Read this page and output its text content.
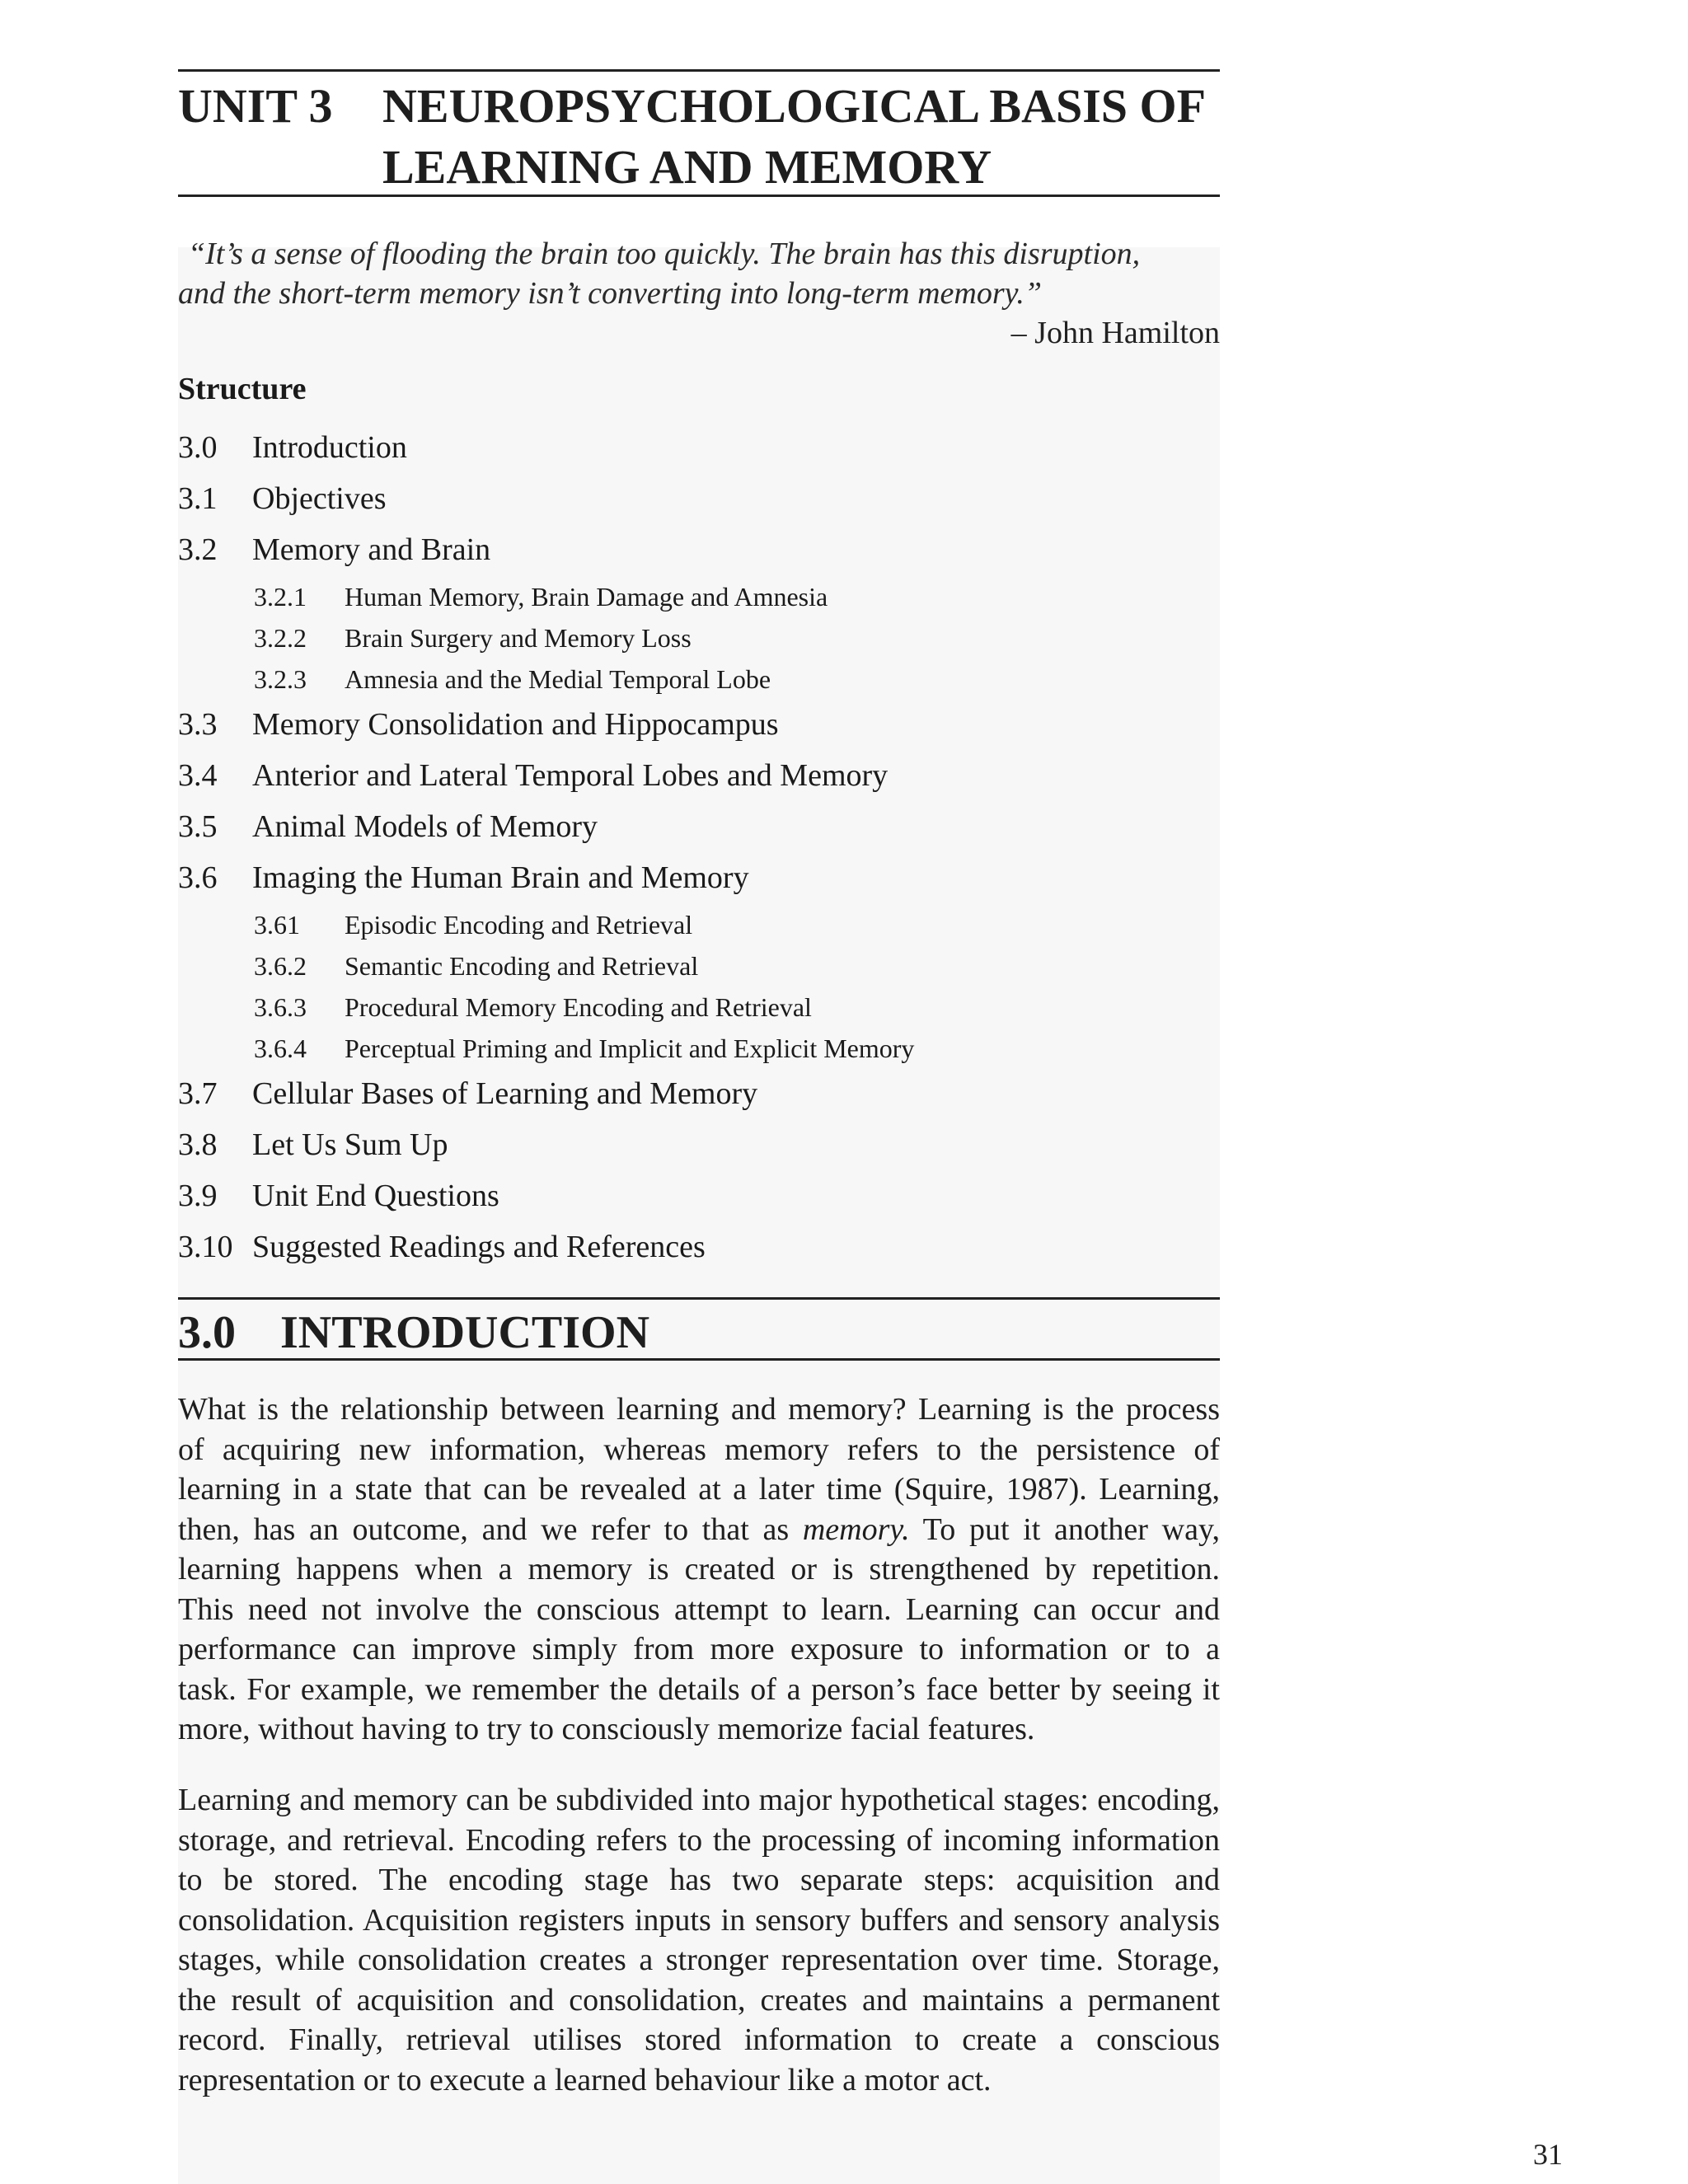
UNIT 3 NEUROPSYCHOLOGICAL BASIS OF
LEARNING AND MEMORY
“It’s a sense of flooding the brain too quickly. The brain has this disruption,
and the short-term memory isn’t converting into long-term memory.”
– John Hamilton
Structure
3.0 Introduction
3.1 Objectives
3.2 Memory and Brain
3.2.1 Human Memory, Brain Damage and Amnesia
3.2.2 Brain Surgery and Memory Loss
3.2.3 Amnesia and the Medial Temporal Lobe
3.3 Memory Consolidation and Hippocampus
3.4 Anterior and Lateral Temporal Lobes and Memory
3.5 Animal Models of Memory
3.6 Imaging the Human Brain and Memory
3.61 Episodic Encoding and Retrieval
3.6.2 Semantic Encoding and Retrieval
3.6.3 Procedural Memory Encoding and Retrieval
3.6.4 Perceptual Priming and Implicit and Explicit Memory
3.7 Cellular Bases of Learning and Memory
3.8 Let Us Sum Up
3.9 Unit End Questions
3.10 Suggested Readings and References
3.0 INTRODUCTION
What is the relationship between learning and memory? Learning is the process
of acquiring new information, whereas memory refers to the persistence of
learning in a state that can be revealed at a later time (Squire, 1987). Learning,
then, has an outcome, and we refer to that as memory. To put it another way,
learning happens when a memory is created or is strengthened by repetition.
This need not involve the conscious attempt to learn. Learning can occur and
performance can improve simply from more exposure to information or to a
task. For example, we remember the details of a person’s face better by seeing it
more, without having to try to consciously memorize facial features.
Learning and memory can be subdivided into major hypothetical stages: encoding,
storage, and retrieval. Encoding refers to the processing of incoming information
to be stored. The encoding stage has two separate steps: acquisition and
consolidation. Acquisition registers inputs in sensory buffers and sensory analysis
stages, while consolidation creates a stronger representation over time. Storage,
the result of acquisition and consolidation, creates and maintains a permanent
record. Finally, retrieval utilises stored information to create a conscious
representation or to execute a learned behaviour like a motor act.
31
